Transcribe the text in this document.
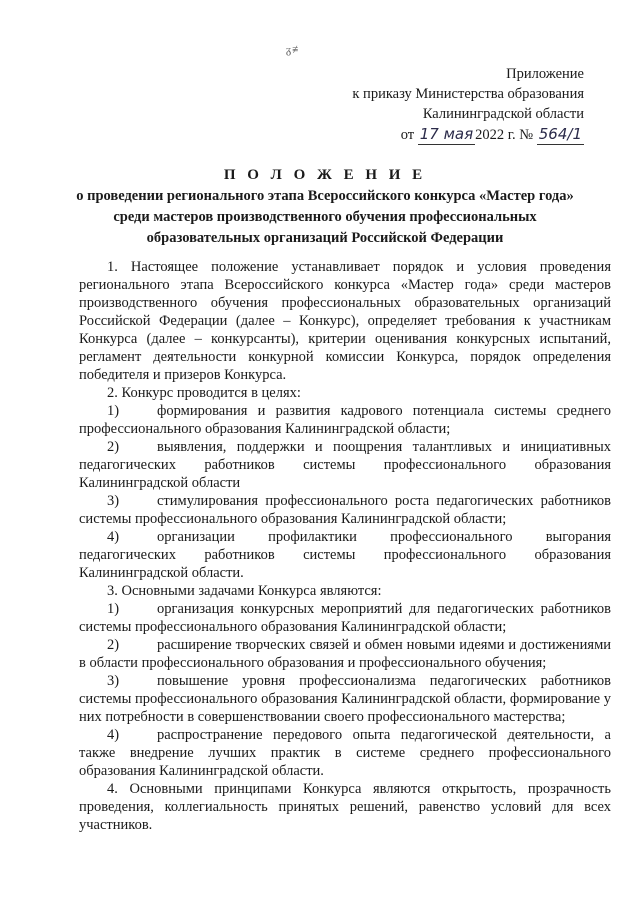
ᵹ≢
Приложение
к приказу Министерства образования
Калининградской области
от 17 мая 2022 г. № 564/1
П О Л О Ж Е Н И Е
о проведении регионального этапа Всероссийского конкурса «Мастер года»
среди мастеров производственного обучения профессиональных
образовательных организаций Российской Федерации

1. Настоящее положение устанавливает порядок и условия проведения регионального этапа Всероссийского конкурса «Мастер года» среди мастеров производственного обучения профессиональных образовательных организаций Российской Федерации (далее – Конкурс), определяет требования к участникам Конкурса (далее – конкурсанты), критерии оценивания конкурсных испытаний, регламент деятельности конкурной комиссии Конкурса, порядок определения победителя и призеров Конкурса.

2. Конкурс проводится в целях:

1)	формирования и развития кадрового потенциала системы среднего профессионального образования Калининградской области;

2)	выявления, поддержки и поощрения талантливых и инициативных педагогических работников системы профессионального образования Калининградской области

3)	стимулирования профессионального роста педагогических работников системы профессионального образования Калининградской области;

4)	организации профилактики профессионального выгорания педагогических работников системы профессионального образования Калининградской области.

3. Основными задачами Конкурса являются:

1)	организация конкурсных мероприятий для педагогических работников системы профессионального образования Калининградской области;

2)	расширение творческих связей и обмен новыми идеями и достижениями в области профессионального образования и профессионального обучения;

3)	повышение уровня профессионализма педагогических работников системы профессионального образования Калининградской области, формирование у них потребности в совершенствовании своего профессионального мастерства;

4)	распространение передового опыта педагогической деятельности, а также внедрение лучших практик в системе среднего профессионального образования Калининградской области.

4. Основными принципами Конкурса являются открытость, прозрачность проведения, коллегиальность принятых решений, равенство условий для всех участников.
